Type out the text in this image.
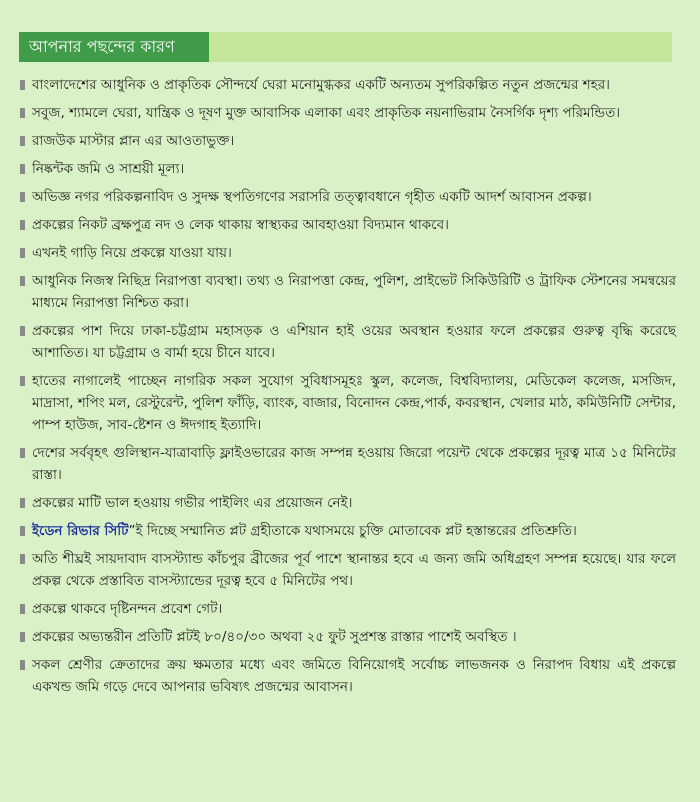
আপনার পছন্দের কারণ
বাংলাদেশের আধুনিক ও প্রাকৃতিক সৌন্দর্যে ঘেরা মনোমুগ্ধকর একটি অন্যতম সুপরিকল্পিত নতুন প্রজন্মের শহর।
সবুজ, শ্যামলে ঘেরা, যান্ত্রিক ও দূষণ মুক্ত আবাসিক এলাকা এবং প্রাকৃতিক নয়নাভিরাম নৈসর্গিক দৃশ্য পরিমন্ডিত।
রাজউক মাস্টার প্লান এর আওতাভুক্ত।
নিষ্কন্টক জমি ও সাশ্রয়ী মূল্য।
অভিজ্ঞ নগর পরিকল্পনাবিদ ও সুদক্ষ স্থপতিগণের সরাসরি তত্ত্বাবধানে গৃহীত একটি আদর্শ আবাসন প্রকল্প।
প্রকল্পের নিকট ব্রক্ষপুত্র নদ ও লেক থাকায় স্বাস্থ্যকর আবহাওয়া বিদ্যমান থাকবে।
এখনই গাড়ি নিয়ে প্রকল্পে যাওয়া যায়।
আধুনিক নিজস্ব নিছিদ্র নিরাপত্তা ব্যবস্থা। তথ্য ও নিরাপত্তা কেন্দ্র, পুলিশ, প্রাইভেট সিকিউরিটি ও ট্রাফিক স্টেশনের সমন্বয়ের মাধ্যমে নিরাপত্তা নিশ্চিত করা।
প্রকল্পের পাশ দিয়ে ঢাকা-চট্টগ্রাম মহাসড়ক ও এশিয়ান হাই ওয়ের অবস্থান হওয়ার ফলে প্রকল্পের গুরুত্ব বৃদ্ধি করেছে আশাতিত। যা চট্টগ্রাম ও বার্মা হয়ে চীনে যাবে।
হাতের নাগালেই পাচ্ছেন নাগরিক সকল সুযোগ সুবিধাসমূহঃ স্কুল, কলেজ, বিশ্ববিদ্যালয়, মেডিকেল কলেজ, মসজিদ, মাদ্রাসা, শপিং মল, রেস্টুরেন্ট, পুলিশ ফাঁড়ি, ব্যাংক, বাজার, বিনোদন কেন্দ্র,পার্ক, কবরস্থান, খেলার মাঠ, কমিউনিটি সেন্টার, পাম্প হাউজ, সাব-ষ্টেশন ও ঈদগাহ ইত্যাদি।
দেশের সর্ববৃহৎ গুলিস্থান-যাত্রাবাড়ি ফ্লাইওভারের কাজ সম্পন্ন হওয়ায় জিরো পয়েন্ট থেকে প্রকল্পের দূরত্ব মাত্র ১৫ মিনিটের রাস্তা।
প্রকল্পের মাটি ভাল হওয়ায় গভীর পাইলিং এর প্রয়োজন নেই।
ইডেন রিভার সিটি”ই দিচ্ছে সম্মানিত প্লট গ্রহীতাকে যথাসময়ে চুক্তি মোতাবেক প্লট হস্তান্তরের প্রতিশ্রুতি।
অতি শীঘ্রই সায়দাবাদ বাসস্ট্যান্ড কাঁচপুর ব্রীজের পূর্ব পাশে স্থানান্তর হবে এ জন্য জমি অধিগ্রহণ সম্পন্ন হয়েছে। যার ফলে প্রকল্প থেকে প্রস্তাবিত বাসস্ট্যান্ডের দূরত্ব হবে ৫ মিনিটের পথ।
প্রকল্পে থাকবে দৃষ্টিনন্দন প্রবেশ গেট।
প্রকল্পের অভ্যন্তরীন প্রতিটি প্লটই ৮০/৪০/৩০ অথবা ২৫ ফুট সুপ্রশস্ত রাস্তার পাশেই অবস্থিত ।
সকল শ্রেণীর ক্রেতাদের ক্রয় ক্ষমতার মধ্যে এবং জমিতে বিনিয়োগই সর্বোচ্চ লাভজনক ও নিরাপদ বিধায় এই প্রকল্পে একখন্ড জমি গড়ে দেবে আপনার ভবিষ্যৎ প্রজন্মের আবাসন।
